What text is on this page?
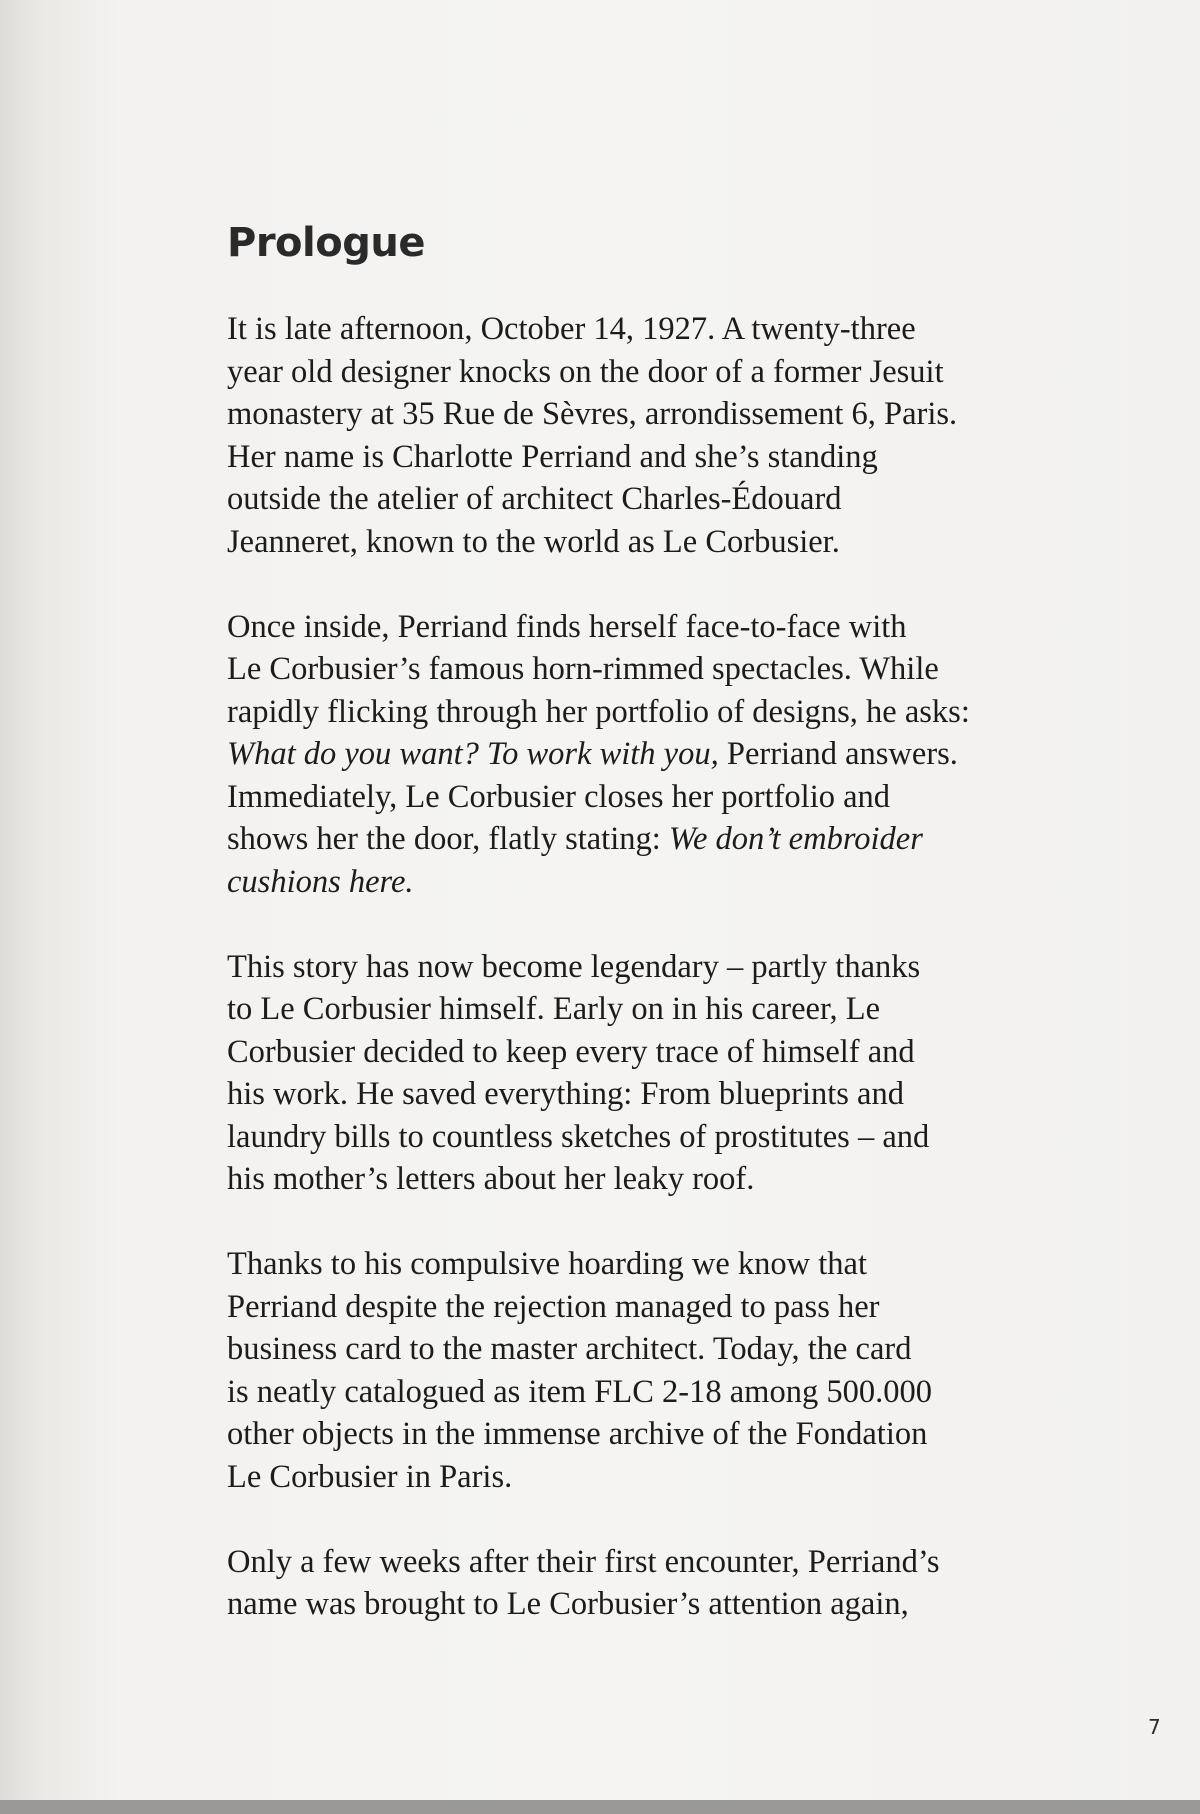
Prologue

It is late afternoon, October 14, 1927. A twenty-three
year old designer knocks on the door of a former Jesuit
monastery at 35 Rue de Sèvres, arrondissement 6, Paris.
Her name is Charlotte Perriand and she’s standing
outside the atelier of architect Charles-Édouard
Jeanneret, known to the world as Le Corbusier.

Once inside, Perriand finds herself face-to-face with
Le Corbusier’s famous horn-rimmed spectacles. While
rapidly flicking through her portfolio of designs, he asks:
What do you want? To work with you, Perriand answers.
Immediately, Le Corbusier closes her portfolio and
shows her the door, flatly stating: We don’t embroider
cushions here.

This story has now become legendary – partly thanks
to Le Corbusier himself. Early on in his career, Le
Corbusier decided to keep every trace of himself and
his work. He saved everything: From blueprints and
laundry bills to countless sketches of prostitutes – and
his mother’s letters about her leaky roof.

Thanks to his compulsive hoarding we know that
Perriand despite the rejection managed to pass her
business card to the master architect. Today, the card
is neatly catalogued as item FLC 2-18 among 500.000
other objects in the immense archive of the Fondation
Le Corbusier in Paris.

Only a few weeks after their first encounter, Perriand’s
name was brought to Le Corbusier’s attention again,

7
